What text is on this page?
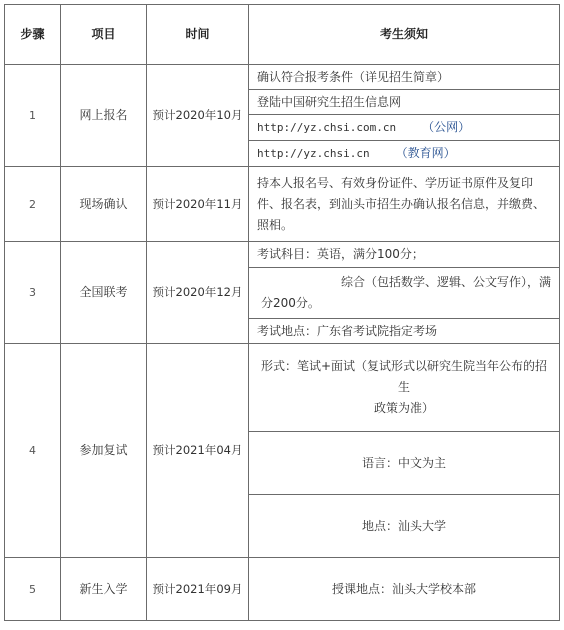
步骤	项目	时间	考生须知
1	网上报名	预计2020年10月	确认符合报考条件（详见招生简章）
			登陆中国研究生招生信息网
			http://yz.chsi.com.cn （公网）
			http://yz.chsi.cn （教育网）
2	现场确认	预计2020年11月	持本人报名号、有效身份证件、学历证书原件及复印件、报名表，到汕头市招生办确认报名信息，并缴费、照相。
3	全国联考	预计2020年12月	考试科目：英语，满分100分；

			综合（包括数学、逻辑、公文写作），满
分200分。

			考试地点：广东省考试院指定考场
4	参加复试	预计2021年04月	形式：笔试+面试（复试形式以研究生院当年公布的招生
政策为准）

			语言：中文为主
			地点：汕头大学
5	新生入学	预计2021年09月	授课地点：汕头大学校本部
